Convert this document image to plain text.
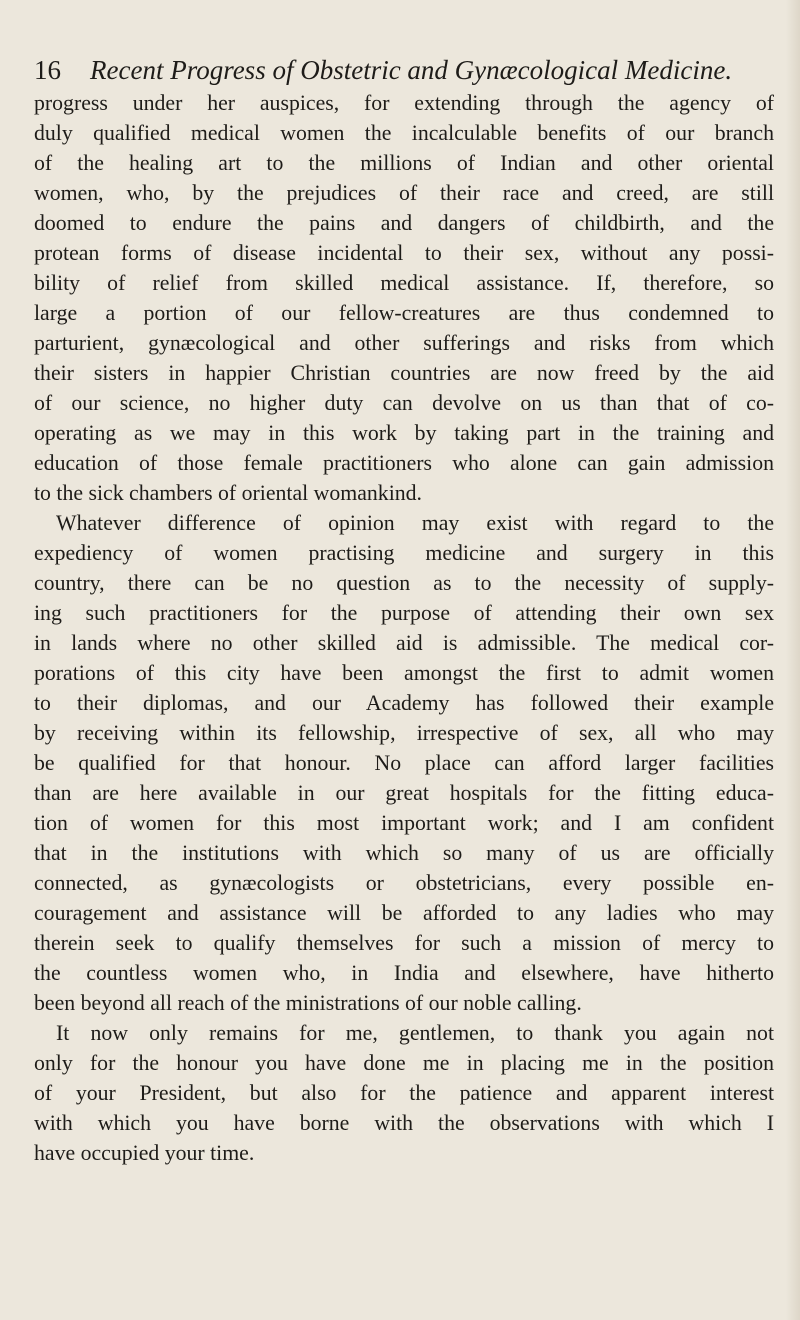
16 Recent Progress of Obstetric and Gynæcological Medicine.
progress under her auspices, for extending through the agency of
duly qualified medical women the incalculable benefits of our branch
of the healing art to the millions of Indian and other oriental
women, who, by the prejudices of their race and creed, are still
doomed to endure the pains and dangers of childbirth, and the
protean forms of disease incidental to their sex, without any possi-
bility of relief from skilled medical assistance. If, therefore, so
large a portion of our fellow-creatures are thus condemned to
parturient, gynæcological and other sufferings and risks from which
their sisters in happier Christian countries are now freed by the aid
of our science, no higher duty can devolve on us than that of co-
operating as we may in this work by taking part in the training and
education of those female practitioners who alone can gain admission
to the sick chambers of oriental womankind.
Whatever difference of opinion may exist with regard to the
expediency of women practising medicine and surgery in this
country, there can be no question as to the necessity of supply-
ing such practitioners for the purpose of attending their own sex
in lands where no other skilled aid is admissible. The medical cor-
porations of this city have been amongst the first to admit women
to their diplomas, and our Academy has followed their example
by receiving within its fellowship, irrespective of sex, all who may
be qualified for that honour. No place can afford larger facilities
than are here available in our great hospitals for the fitting educa-
tion of women for this most important work; and I am confident
that in the institutions with which so many of us are officially
connected, as gynæcologists or obstetricians, every possible en-
couragement and assistance will be afforded to any ladies who may
therein seek to qualify themselves for such a mission of mercy to
the countless women who, in India and elsewhere, have hitherto
been beyond all reach of the ministrations of our noble calling.
It now only remains for me, gentlemen, to thank you again not
only for the honour you have done me in placing me in the position
of your President, but also for the patience and apparent interest
with which you have borne with the observations with which I
have occupied your time.
